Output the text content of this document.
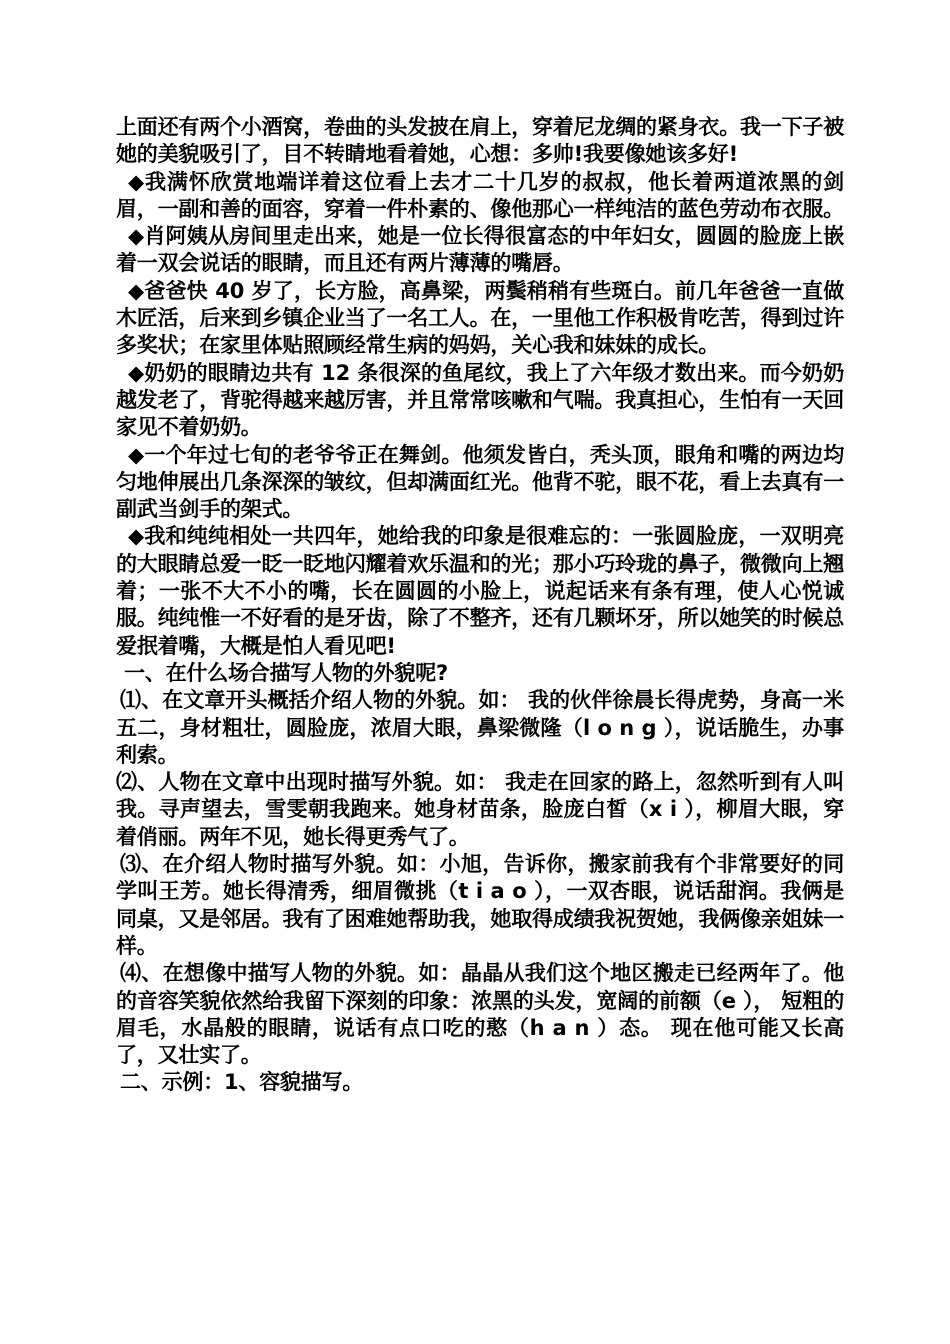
上面还有两个小酒窝，卷曲的头发披在肩上，穿着尼龙绸的紧身衣。我一下子被她的美貌吸引了，目不转睛地看着她，心想：多帅!我要像她该多好!

◆我满怀欣赏地端详着这位看上去才二十几岁的叔叔，他长着两道浓黑的剑眉，一副和善的面容，穿着一件朴素的、像他那心一样纯洁的蓝色劳动布衣服。

◆肖阿姨从房间里走出来，她是一位长得很富态的中年妇女，圆圆的脸庞上嵌着一双会说话的眼睛，而且还有两片薄薄的嘴唇。

◆爸爸快 40 岁了，长方脸，高鼻梁，两鬓稍稍有些斑白。前几年爸爸一直做木匠活，后来到乡镇企业当了一名工人。在，一里他工作积极肯吃苦，得到过许多奖状；在家里体贴照顾经常生病的妈妈，关心我和妹妹的成长。

◆奶奶的眼睛边共有 12 条很深的鱼尾纹，我上了六年级才数出来。而今奶奶越发老了，背驼得越来越厉害，并且常常咳嗽和气喘。我真担心，生怕有一天回家见不着奶奶。

◆一个年过七旬的老爷爷正在舞剑。他须发皆白，秃头顶，眼角和嘴的两边均匀地伸展出几条深深的皱纹，但却满面红光。他背不驼，眼不花，看上去真有一副武当剑手的架式。

◆我和纯纯相处一共四年，她给我的印象是很难忘的：一张圆脸庞，一双明亮的大眼睛总爱一眨一眨地闪耀着欢乐温和的光；那小巧玲珑的鼻子，微微向上翘着；一张不大不小的嘴，长在圆圆的小脸上，说起话来有条有理，使人心悦诚服。纯纯惟一不好看的是牙齿，除了不整齐，还有几颗坏牙，所以她笑的时候总爱抿着嘴，大概是怕人看见吧!

一、在什么场合描写人物的外貌呢?

⑴、在文章开头概括介绍人物的外貌。如： 我的伙伴徐晨长得虎势，身高一米五二，身材粗壮，圆脸庞，浓眉大眼，鼻梁微隆（l o n g ），说话脆生，办事利索。

⑵、人物在文章中出现时描写外貌。如： 我走在回家的路上，忽然听到有人叫我。寻声望去，雪雯朝我跑来。她身材苗条，脸庞白皙（x i ），柳眉大眼，穿着俏丽。两年不见，她长得更秀气了。

⑶、在介绍人物时描写外貌。如：小旭，告诉你，搬家前我有个非常要好的同学叫王芳。她长得清秀，细眉微挑（t i a o ），一双杏眼，说话甜润。我俩是同桌，又是邻居。我有了困难她帮助我，她取得成绩我祝贺她，我俩像亲姐妹一样。

⑷、在想像中描写人物的外貌。如：晶晶从我们这个地区搬走已经两年了。他的音容笑貌依然给我留下深刻的印象：浓黑的头发，宽阔的前额（e ）， 短粗的眉毛，水晶般的眼睛，说话有点口吃的憨（h a n ）态。 现在他可能又长高了，又壮实了。

二、示例：1、容貌描写。
